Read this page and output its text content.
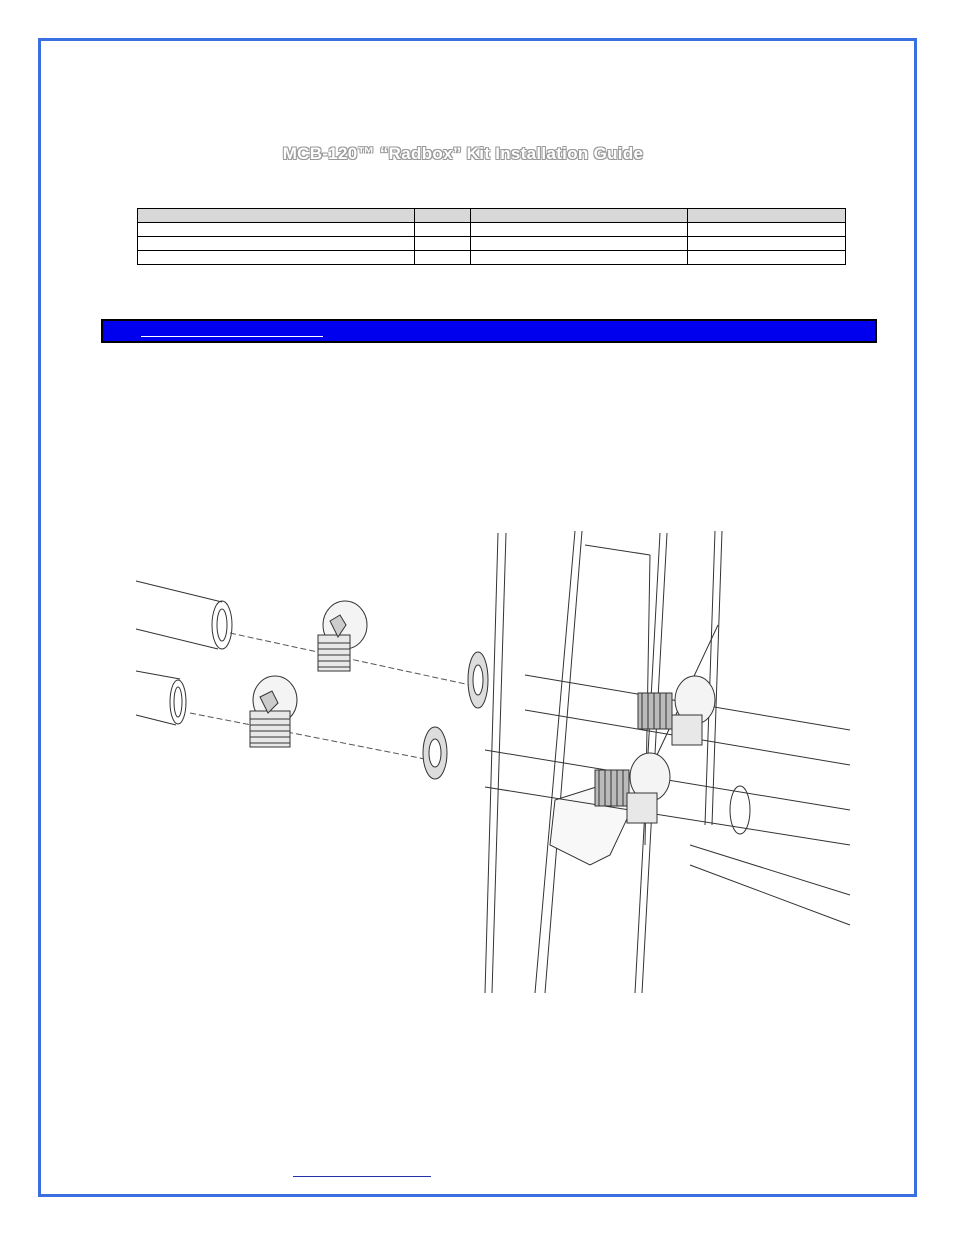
MCB-120™ “Radbox” Kit Installation Guide
